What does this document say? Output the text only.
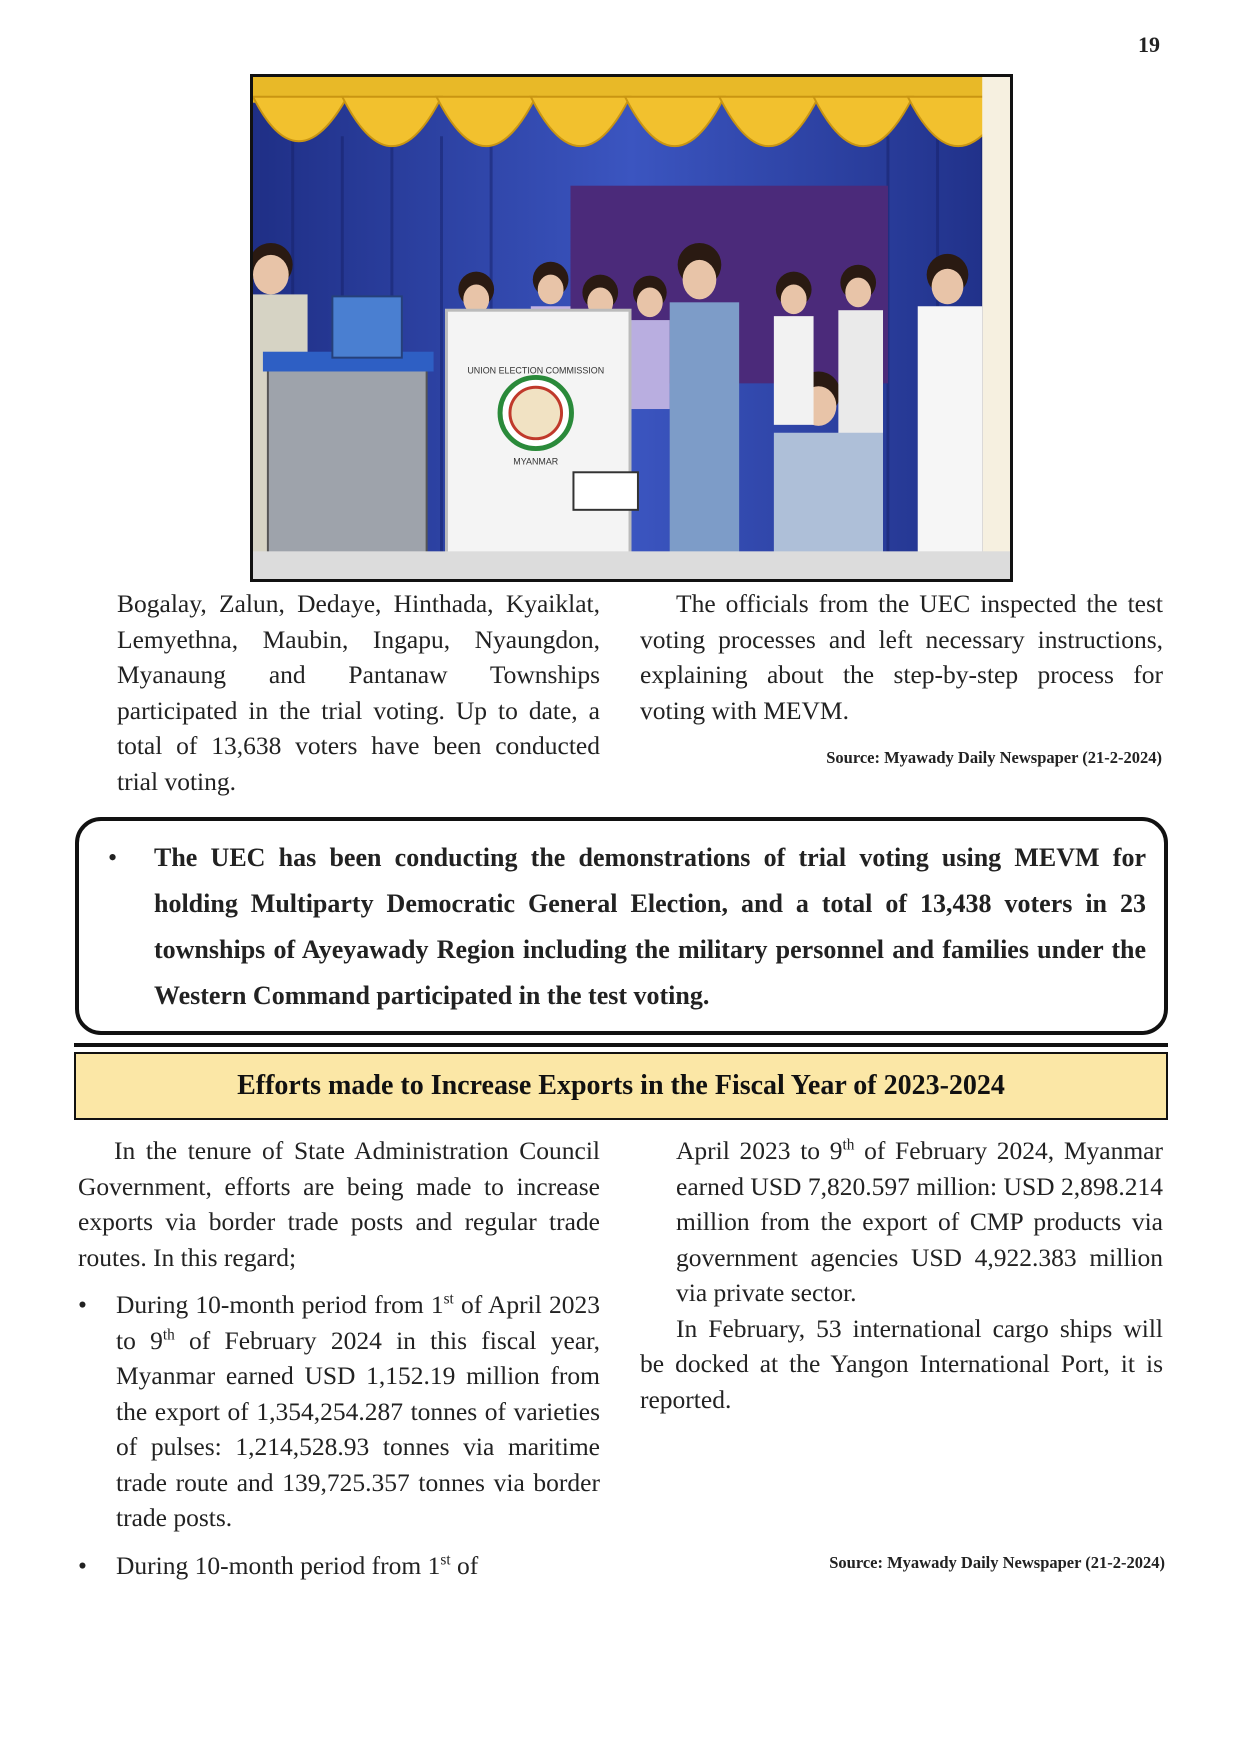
19
UNION ELECTION COMMISSION
MYANMAR

Bogalay, Zalun, Dedaye, Hinthada, Kyaiklat, Lemyethna, Maubin, Ingapu, Nyaungdon, Myanaung and Pantanaw Townships participated in the trial voting. Up to date, a total of 13,638 voters have been conducted trial voting.

The officials from the UEC inspected the test voting processes and left necessary instructions, explaining about the step-by-step process for voting with MEVM.

Source: Myawady Daily Newspaper (21-2-2024)
• The UEC has been conducting the demonstrations of trial voting using MEVM for holding Multiparty Democratic General Election, and a total of 13,438 voters in 23 townships of Ayeyawady Region including the military personnel and families under the Western Command participated in the test voting.
Efforts made to Increase Exports in the Fiscal Year of 2023-2024

In the tenure of State Administration Council Government, efforts are being made to increase exports via border trade posts and regular trade routes. In this regard;

• During 10-month period from 1st of April 2023 to 9th of February 2024 in this fiscal year, Myanmar earned USD 1,152.19 million from the export of 1,354,254.287 tonnes of varieties of pulses: 1,214,528.93 tonnes via maritime trade route and 139,725.357 tonnes via border trade posts.
• During 10-month period from 1st of

April 2023 to 9th of February 2024, Myanmar earned USD 7,820.597 million: USD 2,898.214 million from the export of CMP products via government agencies USD 4,922.383 million via private sector.

In February, 53 international cargo ships will be docked at the Yangon International Port, it is reported.

Source: Myawady Daily Newspaper (21-2-2024)
